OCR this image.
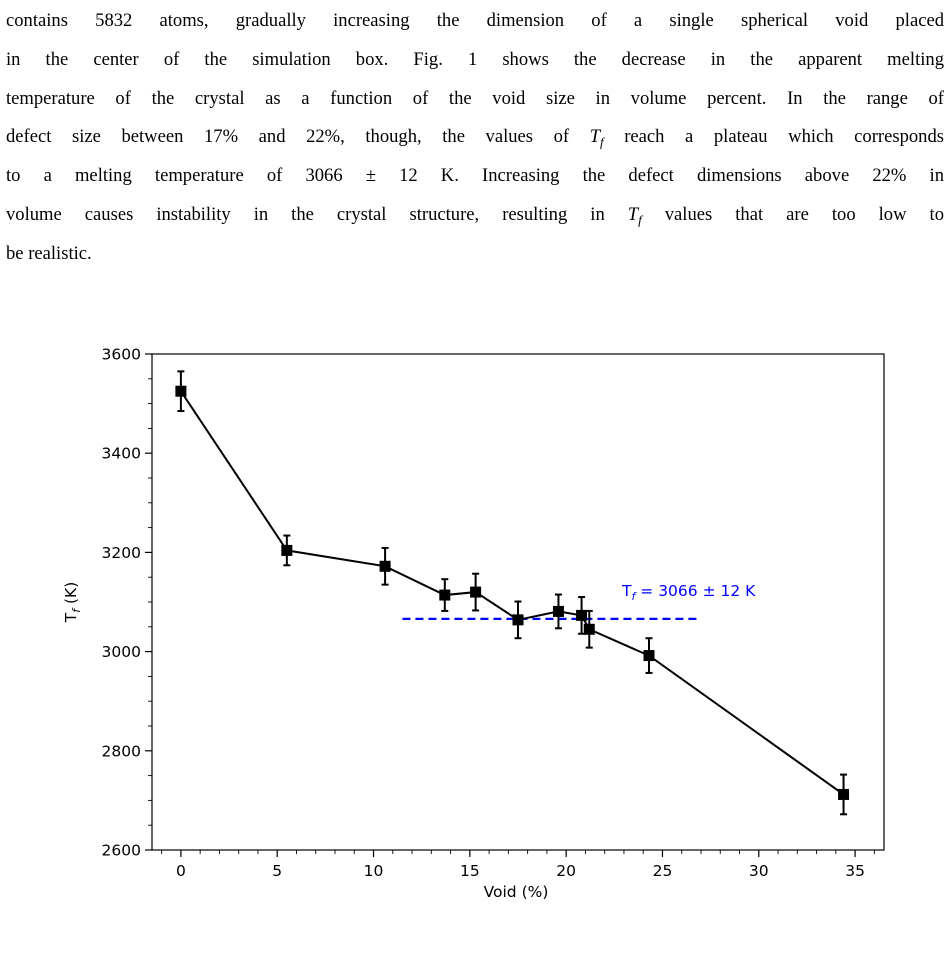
contains 5832 atoms, gradually increasing the dimension of a single spherical void placed
in the center of the simulation box. Fig. 1 shows the decrease in the apparent melting
temperature of the crystal as a function of the void size in volume percent. In the range of
defect size between 17% and 22%, though, the values of $T_f$ reach a plateau which corresponds
to a melting temperature of 3066 ± 12 K. Increasing the defect dimensions above 22% in
volume causes instability in the crystal structure, resulting in $T_f$ values that are too low to
be realistic.
0	5	10	15	20	25	30	35
2600
2800
3000
3200
3400
3600
Void (%)
$T_f$ (K)	$T_f = 3066 \pm 12$ K
